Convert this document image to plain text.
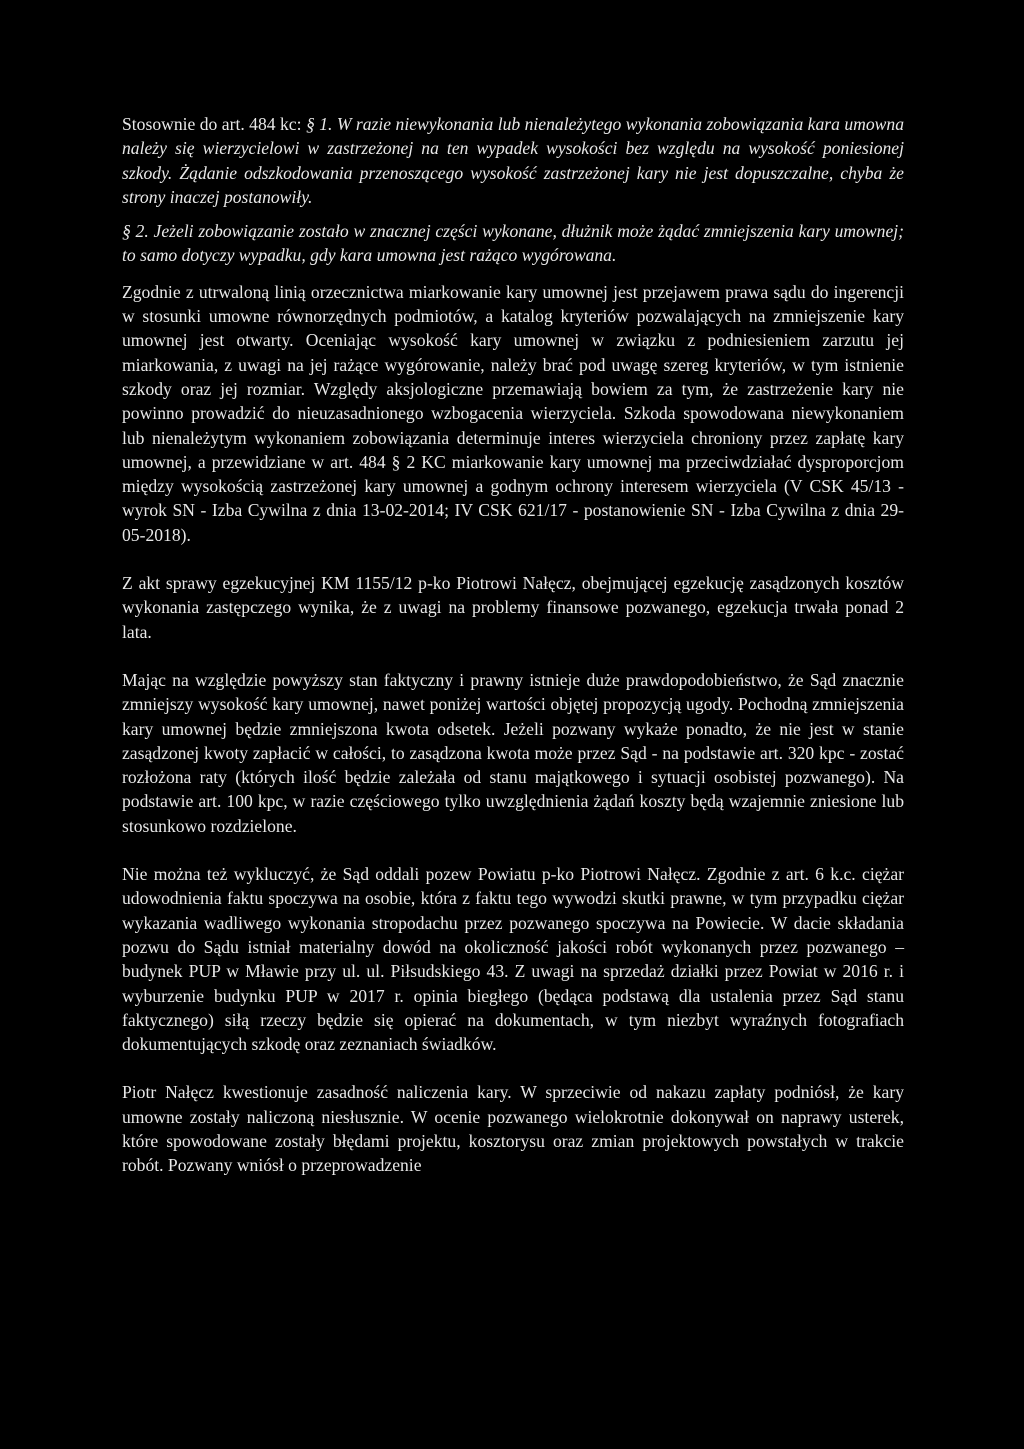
Stosownie do art. 484 kc: § 1. W razie niewykonania lub nienależytego wykonania zobowiązania kara umowna należy się wierzycielowi w zastrzeżonej na ten wypadek wysokości bez względu na wysokość poniesionej szkody. Żądanie odszkodowania przenoszącego wysokość zastrzeżonej kary nie jest dopuszczalne, chyba że strony inaczej postanowiły.

§ 2. Jeżeli zobowiązanie zostało w znacznej części wykonane, dłużnik może żądać zmniejszenia kary umownej; to samo dotyczy wypadku, gdy kara umowna jest rażąco wygórowana.

Zgodnie z utrwaloną linią orzecznictwa miarkowanie kary umownej jest przejawem prawa sądu do ingerencji w stosunki umowne równorzędnych podmiotów, a katalog kryteriów pozwalających na zmniejszenie kary umownej jest otwarty. Oceniając wysokość kary umownej w związku z podniesieniem zarzutu jej miarkowania, z uwagi na jej rażące wygórowanie, należy brać pod uwagę szereg kryteriów, w tym istnienie szkody oraz jej rozmiar. Względy aksjologiczne przemawiają bowiem za tym, że zastrzeżenie kary nie powinno prowadzić do nieuzasadnionego wzbogacenia wierzyciela. Szkoda spowodowana niewykonaniem lub nienależytym wykonaniem zobowiązania determinuje interes wierzyciela chroniony przez zapłatę kary umownej, a przewidziane w art. 484 § 2 KC miarkowanie kary umownej ma przeciwdziałać dysproporcjom między wysokością zastrzeżonej kary umownej a godnym ochrony interesem wierzyciela (V CSK 45/13 - wyrok SN - Izba Cywilna z dnia 13-02-2014; IV CSK 621/17 - postanowienie SN - Izba Cywilna z dnia 29-05-2018).

Z akt sprawy egzekucyjnej KM 1155/12 p-ko Piotrowi Nałęcz, obejmującej egzekucję zasądzonych kosztów wykonania zastępczego wynika, że z uwagi na problemy finansowe pozwanego, egzekucja trwała ponad 2 lata.

Mając na względzie powyższy stan faktyczny i prawny istnieje duże prawdopodobieństwo, że Sąd znacznie zmniejszy wysokość kary umownej, nawet poniżej wartości objętej propozycją ugody. Pochodną zmniejszenia kary umownej będzie zmniejszona kwota odsetek. Jeżeli pozwany wykaże ponadto, że nie jest w stanie zasądzonej kwoty zapłacić w całości, to zasądzona kwota może przez Sąd - na podstawie art. 320 kpc - zostać rozłożona raty (których ilość będzie zależała od stanu majątkowego i sytuacji osobistej pozwanego). Na podstawie art. 100 kpc, w razie częściowego tylko uwzględnienia żądań koszty będą wzajemnie zniesione lub stosunkowo rozdzielone.

Nie można też wykluczyć, że Sąd oddali pozew Powiatu p-ko Piotrowi Nałęcz. Zgodnie z art. 6 k.c. ciężar udowodnienia faktu spoczywa na osobie, która z faktu tego wywodzi skutki prawne, w tym przypadku ciężar wykazania wadliwego wykonania stropodachu przez pozwanego spoczywa na Powiecie. W dacie składania pozwu do Sądu istniał materialny dowód na okoliczność jakości robót wykonanych przez pozwanego – budynek PUP w Mławie przy ul. ul. Piłsudskiego 43. Z uwagi na sprzedaż działki przez Powiat w 2016 r. i wyburzenie budynku PUP w 2017 r. opinia biegłego (będąca podstawą dla ustalenia przez Sąd stanu faktycznego) siłą rzeczy będzie się opierać na dokumentach, w tym niezbyt wyraźnych fotografiach dokumentujących szkodę oraz zeznaniach świadków.

Piotr Nałęcz kwestionuje zasadność naliczenia kary. W sprzeciwie od nakazu zapłaty podniósł, że kary umowne zostały naliczoną niesłusznie. W ocenie pozwanego wielokrotnie dokonywał on naprawy usterek, które spowodowane zostały błędami projektu, kosztorysu oraz zmian projektowych powstałych w trakcie robót. Pozwany wniósł o przeprowadzenie
